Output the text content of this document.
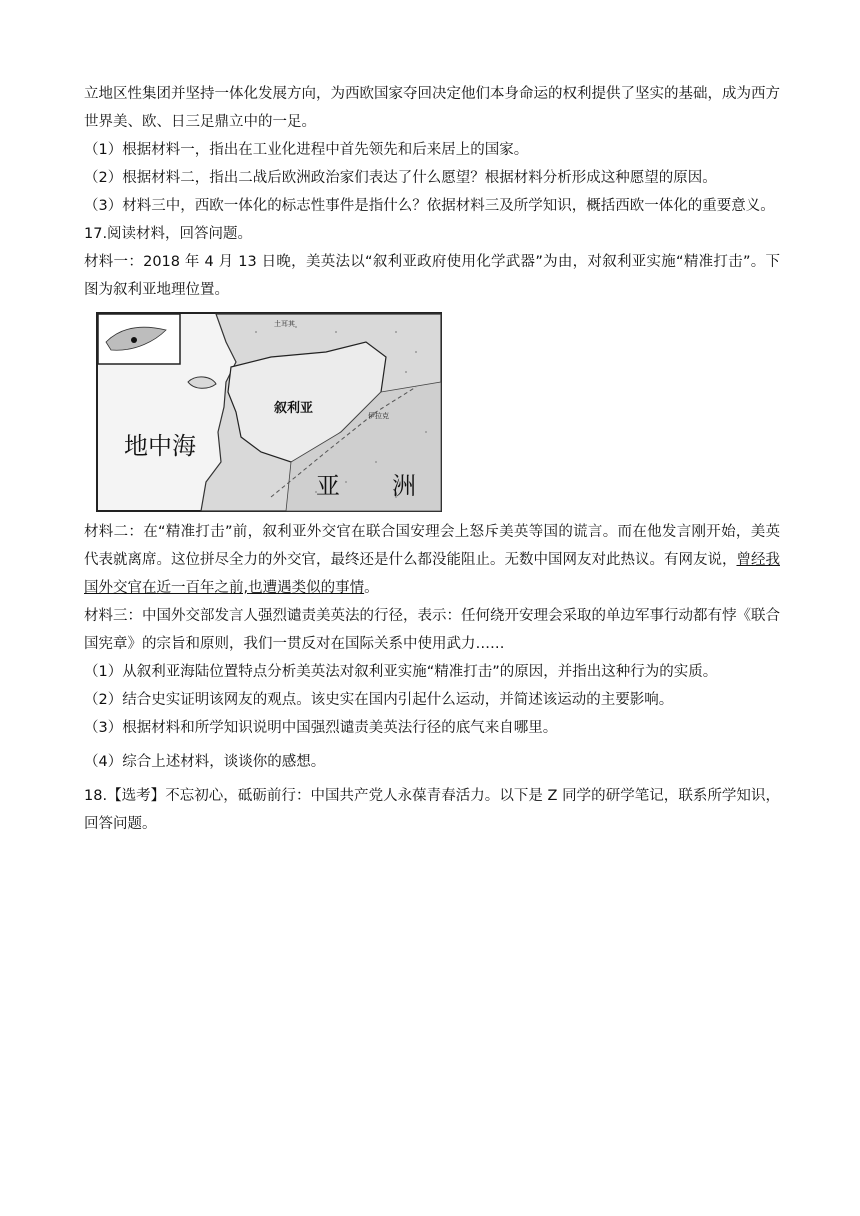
立地区性集团并坚持一体化发展方向，为西欧国家夺回决定他们本身命运的权利提供了坚实的基础，成为西方世界美、欧、日三足鼎立中的一足。
（1）根据材料一，指出在工业化进程中首先领先和后来居上的国家。
（2）根据材料二，指出二战后欧洲政治家们表达了什么愿望？根据材料分析形成这种愿望的原因。
（3）材料三中，西欧一体化的标志性事件是指什么？依据材料三及所学知识，概括西欧一体化的重要意义。
17.阅读材料，回答问题。
材料一：2018 年 4 月 13 日晚，美英法以“叙利亚政府使用化学武器”为由，对叙利亚实施“精准打击”。下图为叙利亚地理位置。
土耳其
叙利亚	伊拉克
地中海
亚 洲
材料二：在“精准打击”前，叙利亚外交官在联合国安理会上怒斥美英等国的谎言。而在他发言刚开始，美英代表就离席。这位拼尽全力的外交官，最终还是什么都没能阻止。无数中国网友对此热议。有网友说，曾经我国外交官在近一百年之前,也遭遇类似的事情。
材料三：中国外交部发言人强烈谴责美英法的行径，表示：任何绕开安理会采取的单边军事行动都有悖《联合国宪章》的宗旨和原则，我们一贯反对在国际关系中使用武力……
（1）从叙利亚海陆位置特点分析美英法对叙利亚实施“精准打击”的原因，并指出这种行为的实质。
（2）结合史实证明该网友的观点。该史实在国内引起什么运动，并简述该运动的主要影响。
（3）根据材料和所学知识说明中国强烈谴责美英法行径的底气来自哪里。
（4）综合上述材料，谈谈你的感想。
18.【选考】不忘初心，砥砺前行：中国共产党人永葆青春活力。以下是 Z 同学的研学笔记，联系所学知识，回答问题。
